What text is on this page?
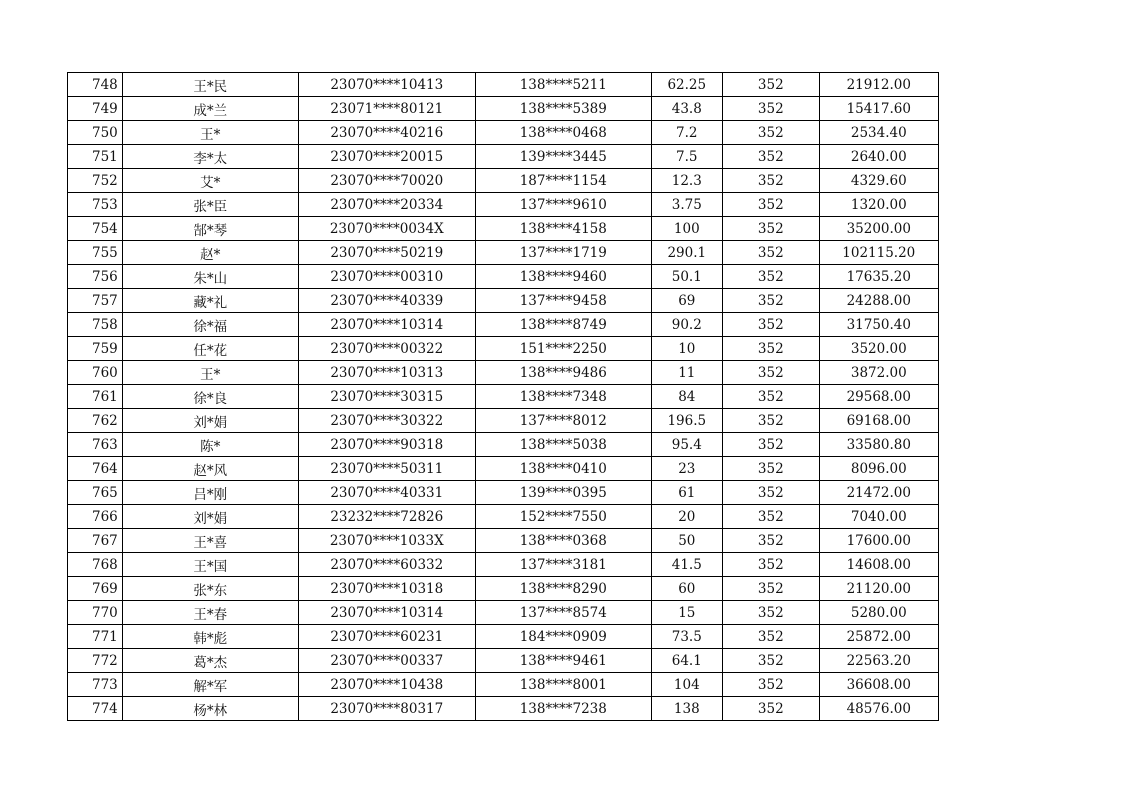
748	王*民	23070****10413	138****5211	62.25	352	21912.00
749	成*兰	23071****80121	138****5389	43.8	352	15417.60
750	王*	23070****40216	138****0468	7.2	352	2534.40
751	李*太	23070****20015	139****3445	7.5	352	2640.00
752	艾*	23070****70020	187****1154	12.3	352	4329.60
753	张*臣	23070****20334	137****9610	3.75	352	1320.00
754	郜*琴	23070****0034X	138****4158	100	352	35200.00
755	赵*	23070****50219	137****1719	290.1	352	102115.20
756	朱*山	23070****00310	138****9460	50.1	352	17635.20
757	藏*礼	23070****40339	137****9458	69	352	24288.00
758	徐*福	23070****10314	138****8749	90.2	352	31750.40
759	任*花	23070****00322	151****2250	10	352	3520.00
760	王*	23070****10313	138****9486	11	352	3872.00
761	徐*良	23070****30315	138****7348	84	352	29568.00
762	刘*娟	23070****30322	137****8012	196.5	352	69168.00
763	陈*	23070****90318	138****5038	95.4	352	33580.80
764	赵*风	23070****50311	138****0410	23	352	8096.00
765	吕*刚	23070****40331	139****0395	61	352	21472.00
766	刘*娟	23232****72826	152****7550	20	352	7040.00
767	王*喜	23070****1033X	138****0368	50	352	17600.00
768	王*国	23070****60332	137****3181	41.5	352	14608.00
769	张*东	23070****10318	138****8290	60	352	21120.00
770	王*春	23070****10314	137****8574	15	352	5280.00
771	韩*彪	23070****60231	184****0909	73.5	352	25872.00
772	葛*杰	23070****00337	138****9461	64.1	352	22563.20
773	解*军	23070****10438	138****8001	104	352	36608.00
774	杨*林	23070****80317	138****7238	138	352	48576.00
